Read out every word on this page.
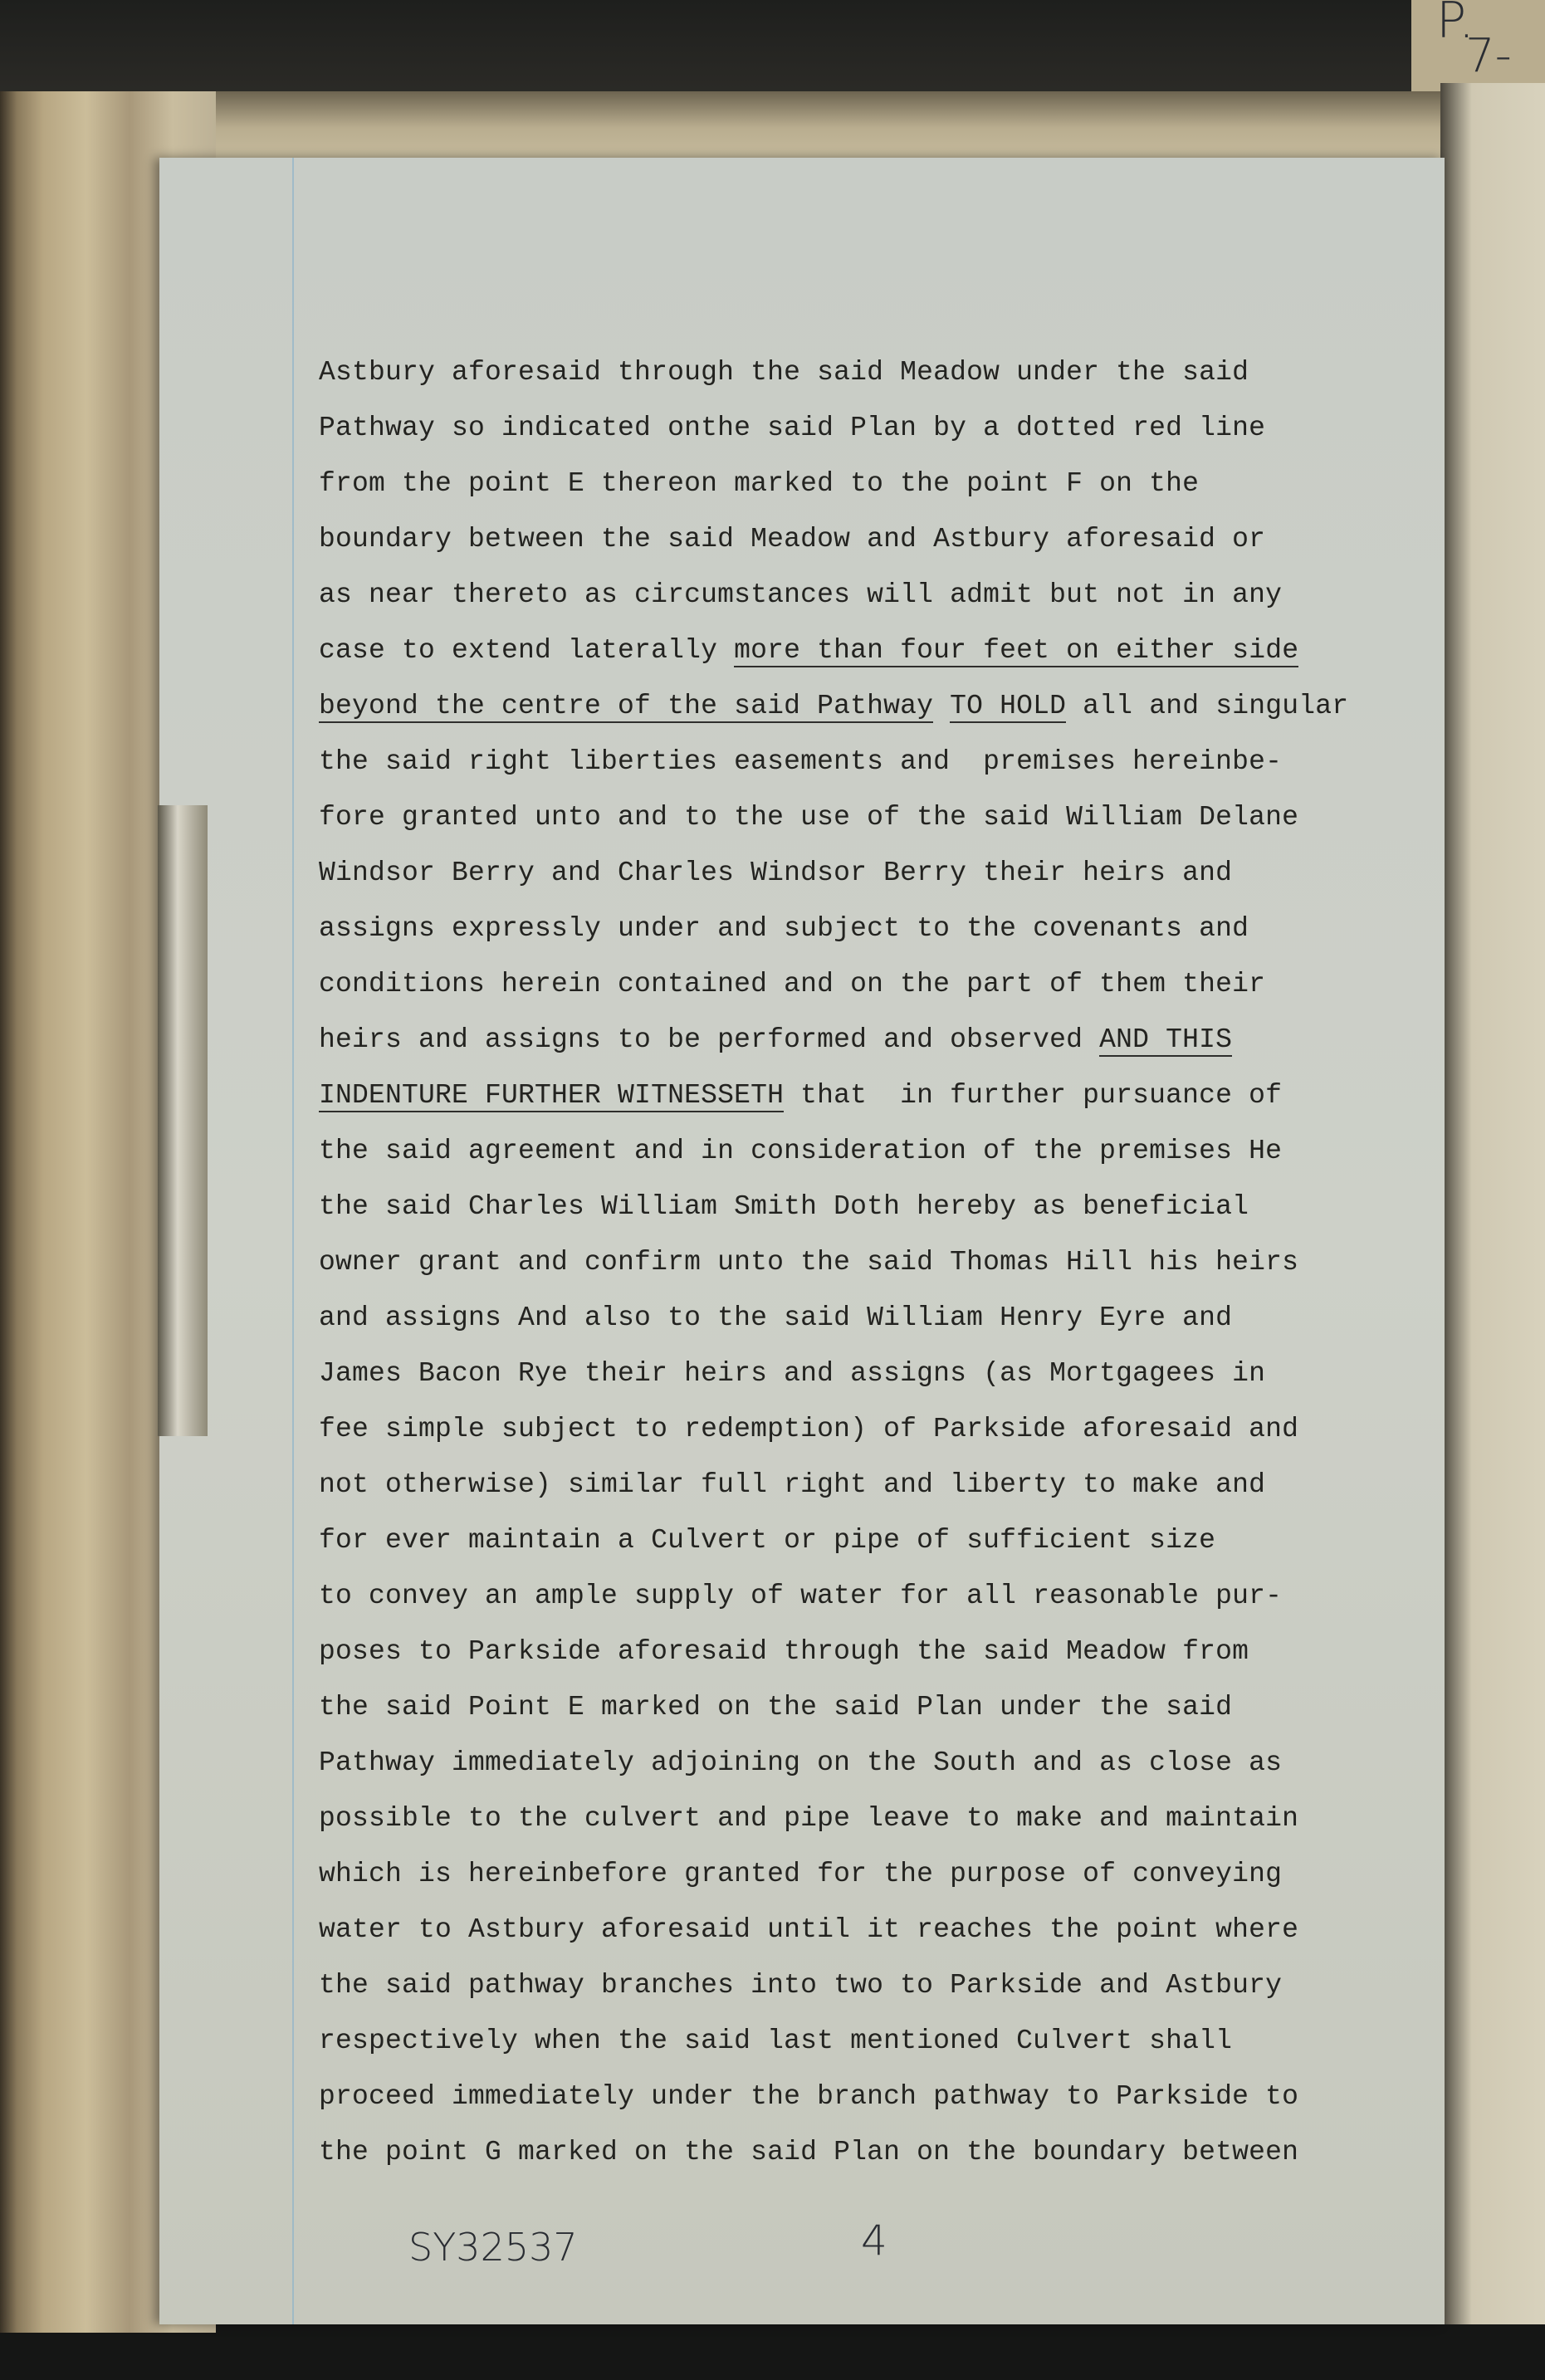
P.
7-
Astbury aforesaid through the said Meadow under the said
Pathway so indicated onthe said Plan by a dotted red line
from the point E thereon marked to the point F on the
boundary between the said Meadow and Astbury aforesaid or
as near thereto as circumstances will admit but not in any
case to extend laterally more than four feet on either side
beyond the centre of the said Pathway TO HOLD all and singular
the said right liberties easements and  premises hereinbe-
fore granted unto and to the use of the said William Delane
Windsor Berry and Charles Windsor Berry their heirs and
assigns expressly under and subject to the covenants and
conditions herein contained and on the part of them their
heirs and assigns to be performed and observed AND THIS
INDENTURE FURTHER WITNESSETH that  in further pursuance of
the said agreement and in consideration of the premises He
the said Charles William Smith Doth hereby as beneficial
owner grant and confirm unto the said Thomas Hill his heirs
and assigns And also to the said William Henry Eyre and
James Bacon Rye their heirs and assigns (as Mortgagees in
fee simple subject to redemption) of Parkside aforesaid and
not otherwise) similar full right and liberty to make and
for ever maintain a Culvert or pipe of sufficient size
to convey an ample supply of water for all reasonable pur-
poses to Parkside aforesaid through the said Meadow from
the said Point E marked on the said Plan under the said
Pathway immediately adjoining on the South and as close as
possible to the culvert and pipe leave to make and maintain
which is hereinbefore granted for the purpose of conveying
water to Astbury aforesaid until it reaches the point where
the said pathway branches into two to Parkside and Astbury
respectively when the said last mentioned Culvert shall
proceed immediately under the branch pathway to Parkside to
the point G marked on the said Plan on the boundary between
SY32537	4
